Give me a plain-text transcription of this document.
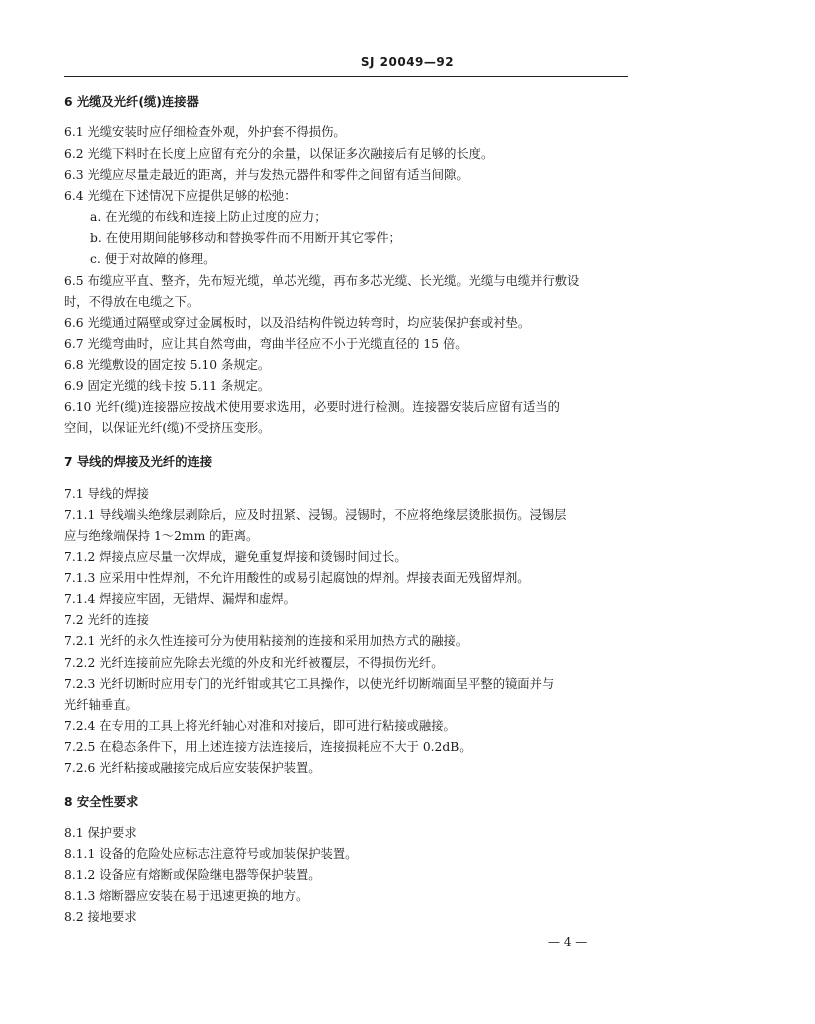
SJ 20049—92
6 光缆及光纤(缆)连接器
6.1 光缆安装时应仔细检查外观，外护套不得损伤。
6.2 光缆下料时在长度上应留有充分的余量，以保证多次融接后有足够的长度。
6.3 光缆应尽量走最近的距离，并与发热元器件和零件之间留有适当间隙。
6.4 光缆在下述情况下应提供足够的松弛：
a. 在光缆的布线和连接上防止过度的应力；
b. 在使用期间能够移动和替换零件而不用断开其它零件；
c. 便于对故障的修理。
6.5 布缆应平直、整齐，先布短光缆，单芯光缆，再布多芯光缆、长光缆。光缆与电缆并行敷设
时，不得放在电缆之下。
6.6 光缆通过隔壁或穿过金属板时，以及沿结构件锐边转弯时，均应装保护套或衬垫。
6.7 光缆弯曲时，应让其自然弯曲，弯曲半径应不小于光缆直径的 15 倍。
6.8 光缆敷设的固定按 5.10 条规定。
6.9 固定光缆的线卡按 5.11 条规定。
6.10 光纤(缆)连接器应按战术使用要求选用，必要时进行检测。连接器安装后应留有适当的
空间，以保证光纤(缆)不受挤压变形。
7 导线的焊接及光纤的连接
7.1 导线的焊接
7.1.1 导线端头绝缘层剥除后，应及时扭紧、浸锡。浸锡时，不应将绝缘层烫胀损伤。浸锡层
应与绝缘端保持 1～2mm 的距离。
7.1.2 焊接点应尽量一次焊成，避免重复焊接和烫锡时间过长。
7.1.3 应采用中性焊剂，不允许用酸性的或易引起腐蚀的焊剂。焊接表面无残留焊剂。
7.1.4 焊接应牢固，无错焊、漏焊和虚焊。
7.2 光纤的连接
7.2.1 光纤的永久性连接可分为使用粘接剂的连接和采用加热方式的融接。
7.2.2 光纤连接前应先除去光缆的外皮和光纤被覆层，不得损伤光纤。
7.2.3 光纤切断时应用专门的光纤钳或其它工具操作，以使光纤切断端面呈平整的镜面并与
光纤轴垂直。
7.2.4 在专用的工具上将光纤轴心对准和对接后，即可进行粘接或融接。
7.2.5 在稳态条件下，用上述连接方法连接后，连接损耗应不大于 0.2dB。
7.2.6 光纤粘接或融接完成后应安装保护装置。
8 安全性要求
8.1 保护要求
8.1.1 设备的危险处应标志注意符号或加装保护装置。
8.1.2 设备应有熔断或保险继电器等保护装置。
8.1.3 熔断器应安装在易于迅速更换的地方。
8.2 接地要求
— 4 —
